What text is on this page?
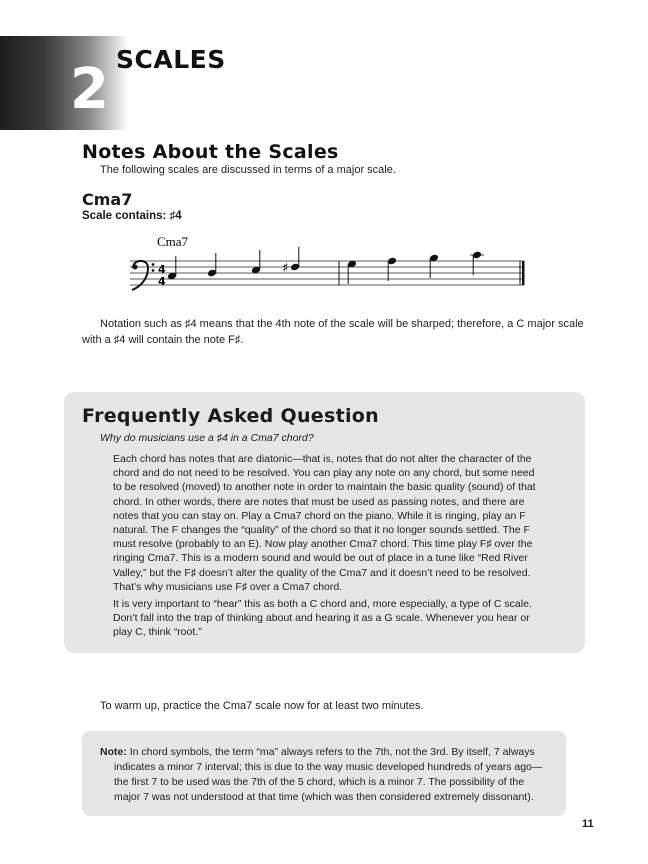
2 SCALES
Notes About the Scales
The following scales are discussed in terms of a major scale.
Cma7
Scale contains: ♯4
Cma7
4
4
♯
Notation such as ♯4 means that the 4th note of the scale will be sharped; therefore, a C major scale
with a ♯4 will contain the note F♯.
Frequently Asked Question
Why do musicians use a ♯4 in a Cma7 chord?
Each chord has notes that are diatonic—that is, notes that do not alter the character of the
chord and do not need to be resolved. You can play any note on any chord, but some need
to be resolved (moved) to another note in order to maintain the basic quality (sound) of that
chord. In other words, there are notes that must be used as passing notes, and there are
notes that you can stay on. Play a Cma7 chord on the piano. While it is ringing, play an F
natural. The F changes the “quality” of the chord so that it no longer sounds settled. The F
must resolve (probably to an E). Now play another Cma7 chord. This time play F♯ over the
ringing Cma7. This is a modern sound and would be out of place in a tune like “Red River
Valley,” but the F♯ doesn’t alter the quality of the Cma7 and it doesn’t need to be resolved.
That’s why musicians use F♯ over a Cma7 chord.
It is very important to “hear” this as both a C chord and, more especially, a type of C scale.
Don’t fall into the trap of thinking about and hearing it as a G scale. Whenever you hear or
play C, think “root.”
To warm up, practice the Cma7 scale now for at least two minutes.
Note: In chord symbols, the term “ma” always refers to the 7th, not the 3rd. By itself, 7 always
indicates a minor 7 interval; this is due to the way music developed hundreds of years ago—
the first 7 to be used was the 7th of the 5 chord, which is a minor 7. The possibility of the
major 7 was not understood at that time (which was then considered extremely dissonant).
11
